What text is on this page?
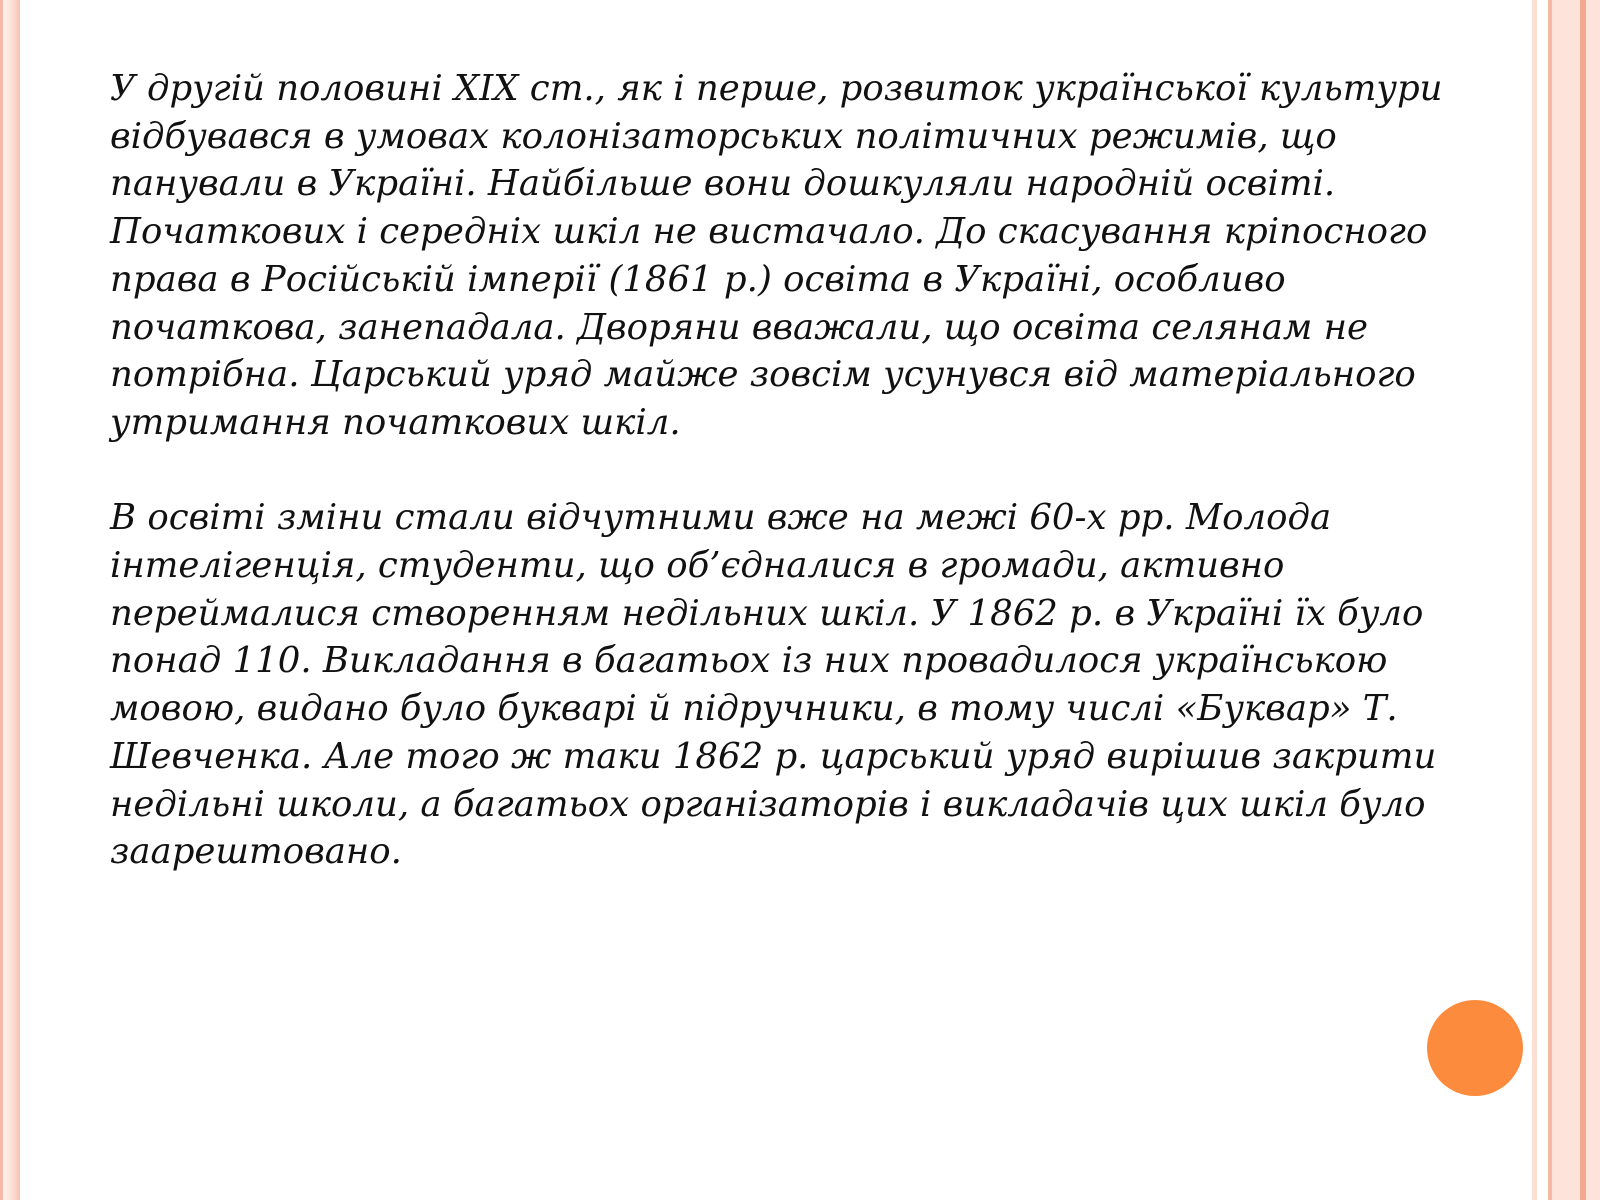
У другій половині XIX ст., як і перше, розвиток української культури відбувався в умовах колонізаторських політичних режимів, що панували в Україні. Найбільше вони дошкуляли народній освіті. Початкових і середніх шкіл не вистачало. До скасування кріпосного права в Російській імперії (1861 р.) освіта в Україні, особливо початкова, занепадала. Дворяни вважали, що освіта селянам не потрібна. Царський уряд майже зовсім усунувся від матеріального утримання початкових шкіл.

В освіті зміни стали відчутними вже на межі 60-х рр. Молода інтелігенція, студенти, що об’єдналися в громади, активно переймалися створенням недільних шкіл. У 1862 р. в Україні їх було понад 110. Викладання в багатьох із них провадилося українською мовою, видано було букварі й підручники, в тому числі «Буквар» Т. Шевченка. Але того ж таки 1862 р. царський уряд вирішив закрити недільні школи, а багатьох організаторів і викладачів цих шкіл було заарештовано.
